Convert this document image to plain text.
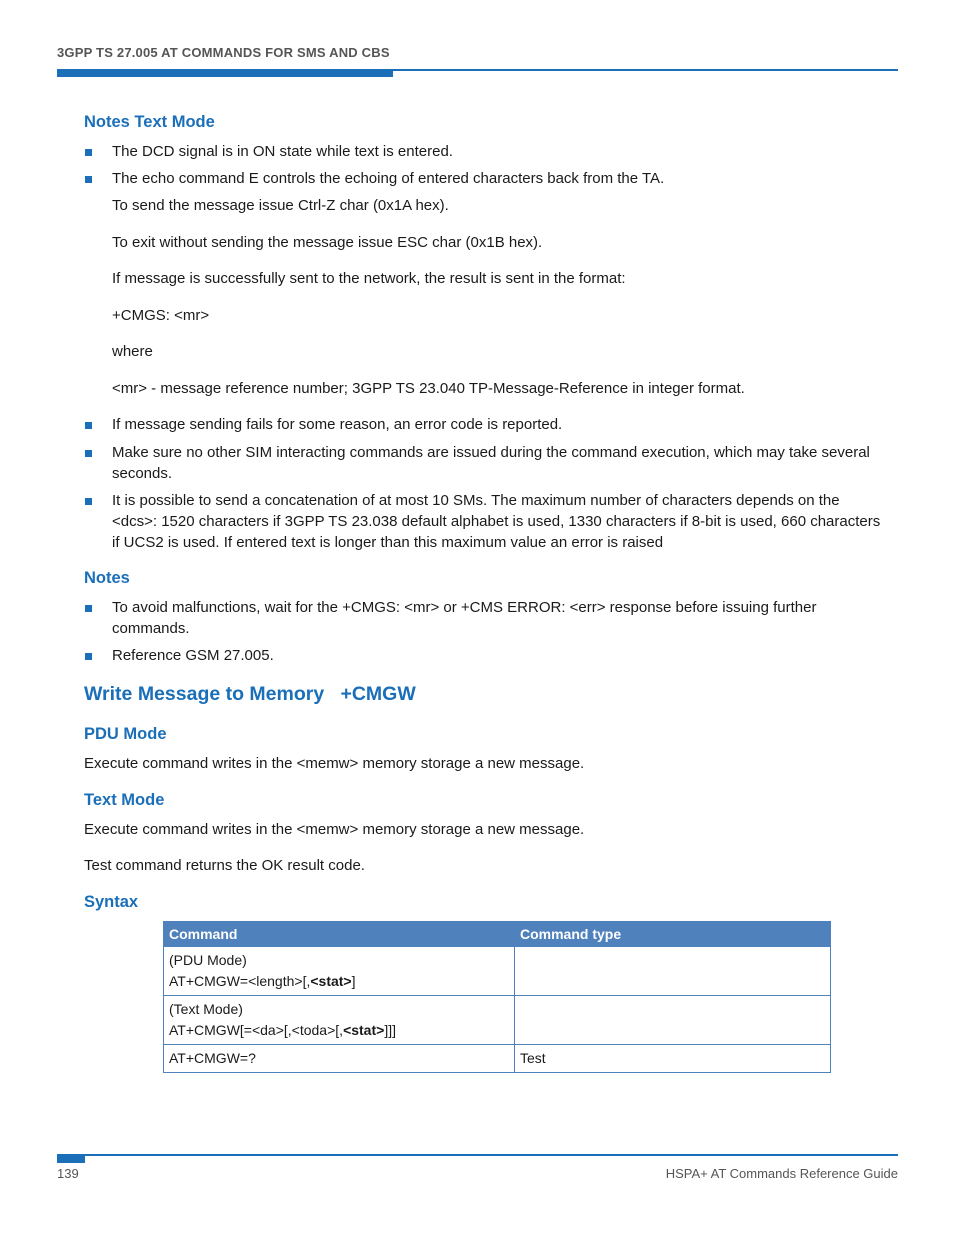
3GPP TS 27.005 AT COMMANDS FOR SMS AND CBS
Notes Text Mode
The DCD signal is in ON state while text is entered.
The echo command E controls the echoing of entered characters back from the TA.
To send the message issue Ctrl-Z char (0x1A hex).
To exit without sending the message issue ESC char (0x1B hex).
If message is successfully sent to the network, the result is sent in the format:
+CMGS: <mr>
where
<mr> - message reference number; 3GPP TS 23.040 TP-Message-Reference in integer format.
If message sending fails for some reason, an error code is reported.
Make sure no other SIM interacting commands are issued during the command execution, which may take several seconds.
It is possible to send a concatenation of at most 10 SMs. The maximum number of characters depends on the <dcs>: 1520 characters if 3GPP TS 23.038 default alphabet is used, 1330 characters if 8-bit is used, 660 characters if UCS2 is used. If entered text is longer than this maximum value an error is raised
Notes
To avoid malfunctions, wait for the +CMGS: <mr> or +CMS ERROR: <err> response before issuing further commands.
Reference GSM 27.005.
Write Message to Memory   +CMGW
PDU Mode
Execute command writes in the <memw> memory storage a new message.
Text Mode
Execute command writes in the <memw> memory storage a new message.
Test command returns the OK result code.
Syntax
Command	Command type

(PDU Mode)
AT+CMGW=<length>[,<stat>]	

(Text Mode)
AT+CMGW[=<da>[,<toda>[,<stat>]]]	

AT+CMGW=?	Test
139	HSPA+ AT Commands Reference Guide
